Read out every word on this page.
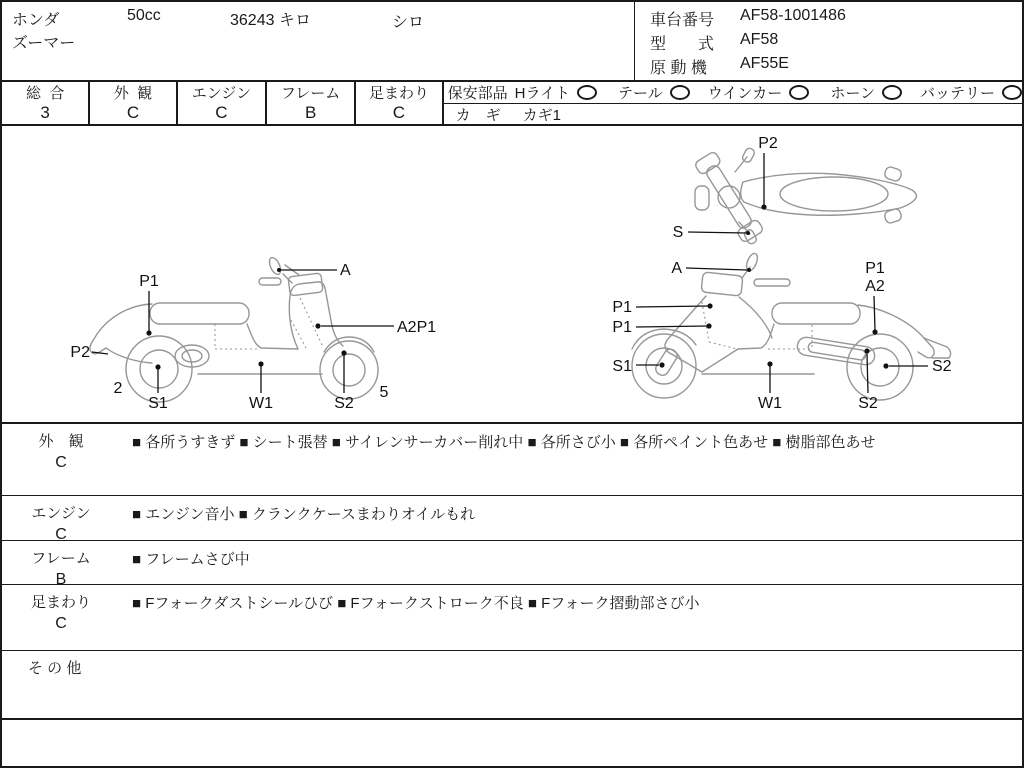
ホンダ
ズーマー
50cc	36243 キロ	シロ	車台番号	AF58-1001486
型　　式	AF58
原 動 機	AF55E
総  合
3
外  観
C
エンジン
C
フレーム
B
足まわり
C
保安部品 Hライト	テール	ウインカー	ホーン	バッテリー
カ　ギ カギ1
P2
S
P1
A
A2P1
P2
2
S1	W1	S2
5
A
P1
P1
P1
A2
S1
W1	S2
S2
外　観
C
■ 各所うすきず ■ シート張替 ■ サイレンサーカバー削れ中 ■ 各所さび小 ■ 各所ペイント色あせ ■ 樹脂部色あせ
エンジン
C
■ エンジン音小 ■ クランクケースまわりオイルもれ
フレーム
B
■ フレームさび中
足まわり
C
■ Fフォークダストシールひび ■ Fフォークストローク不良 ■ Fフォーク摺動部さび小
そ の 他
